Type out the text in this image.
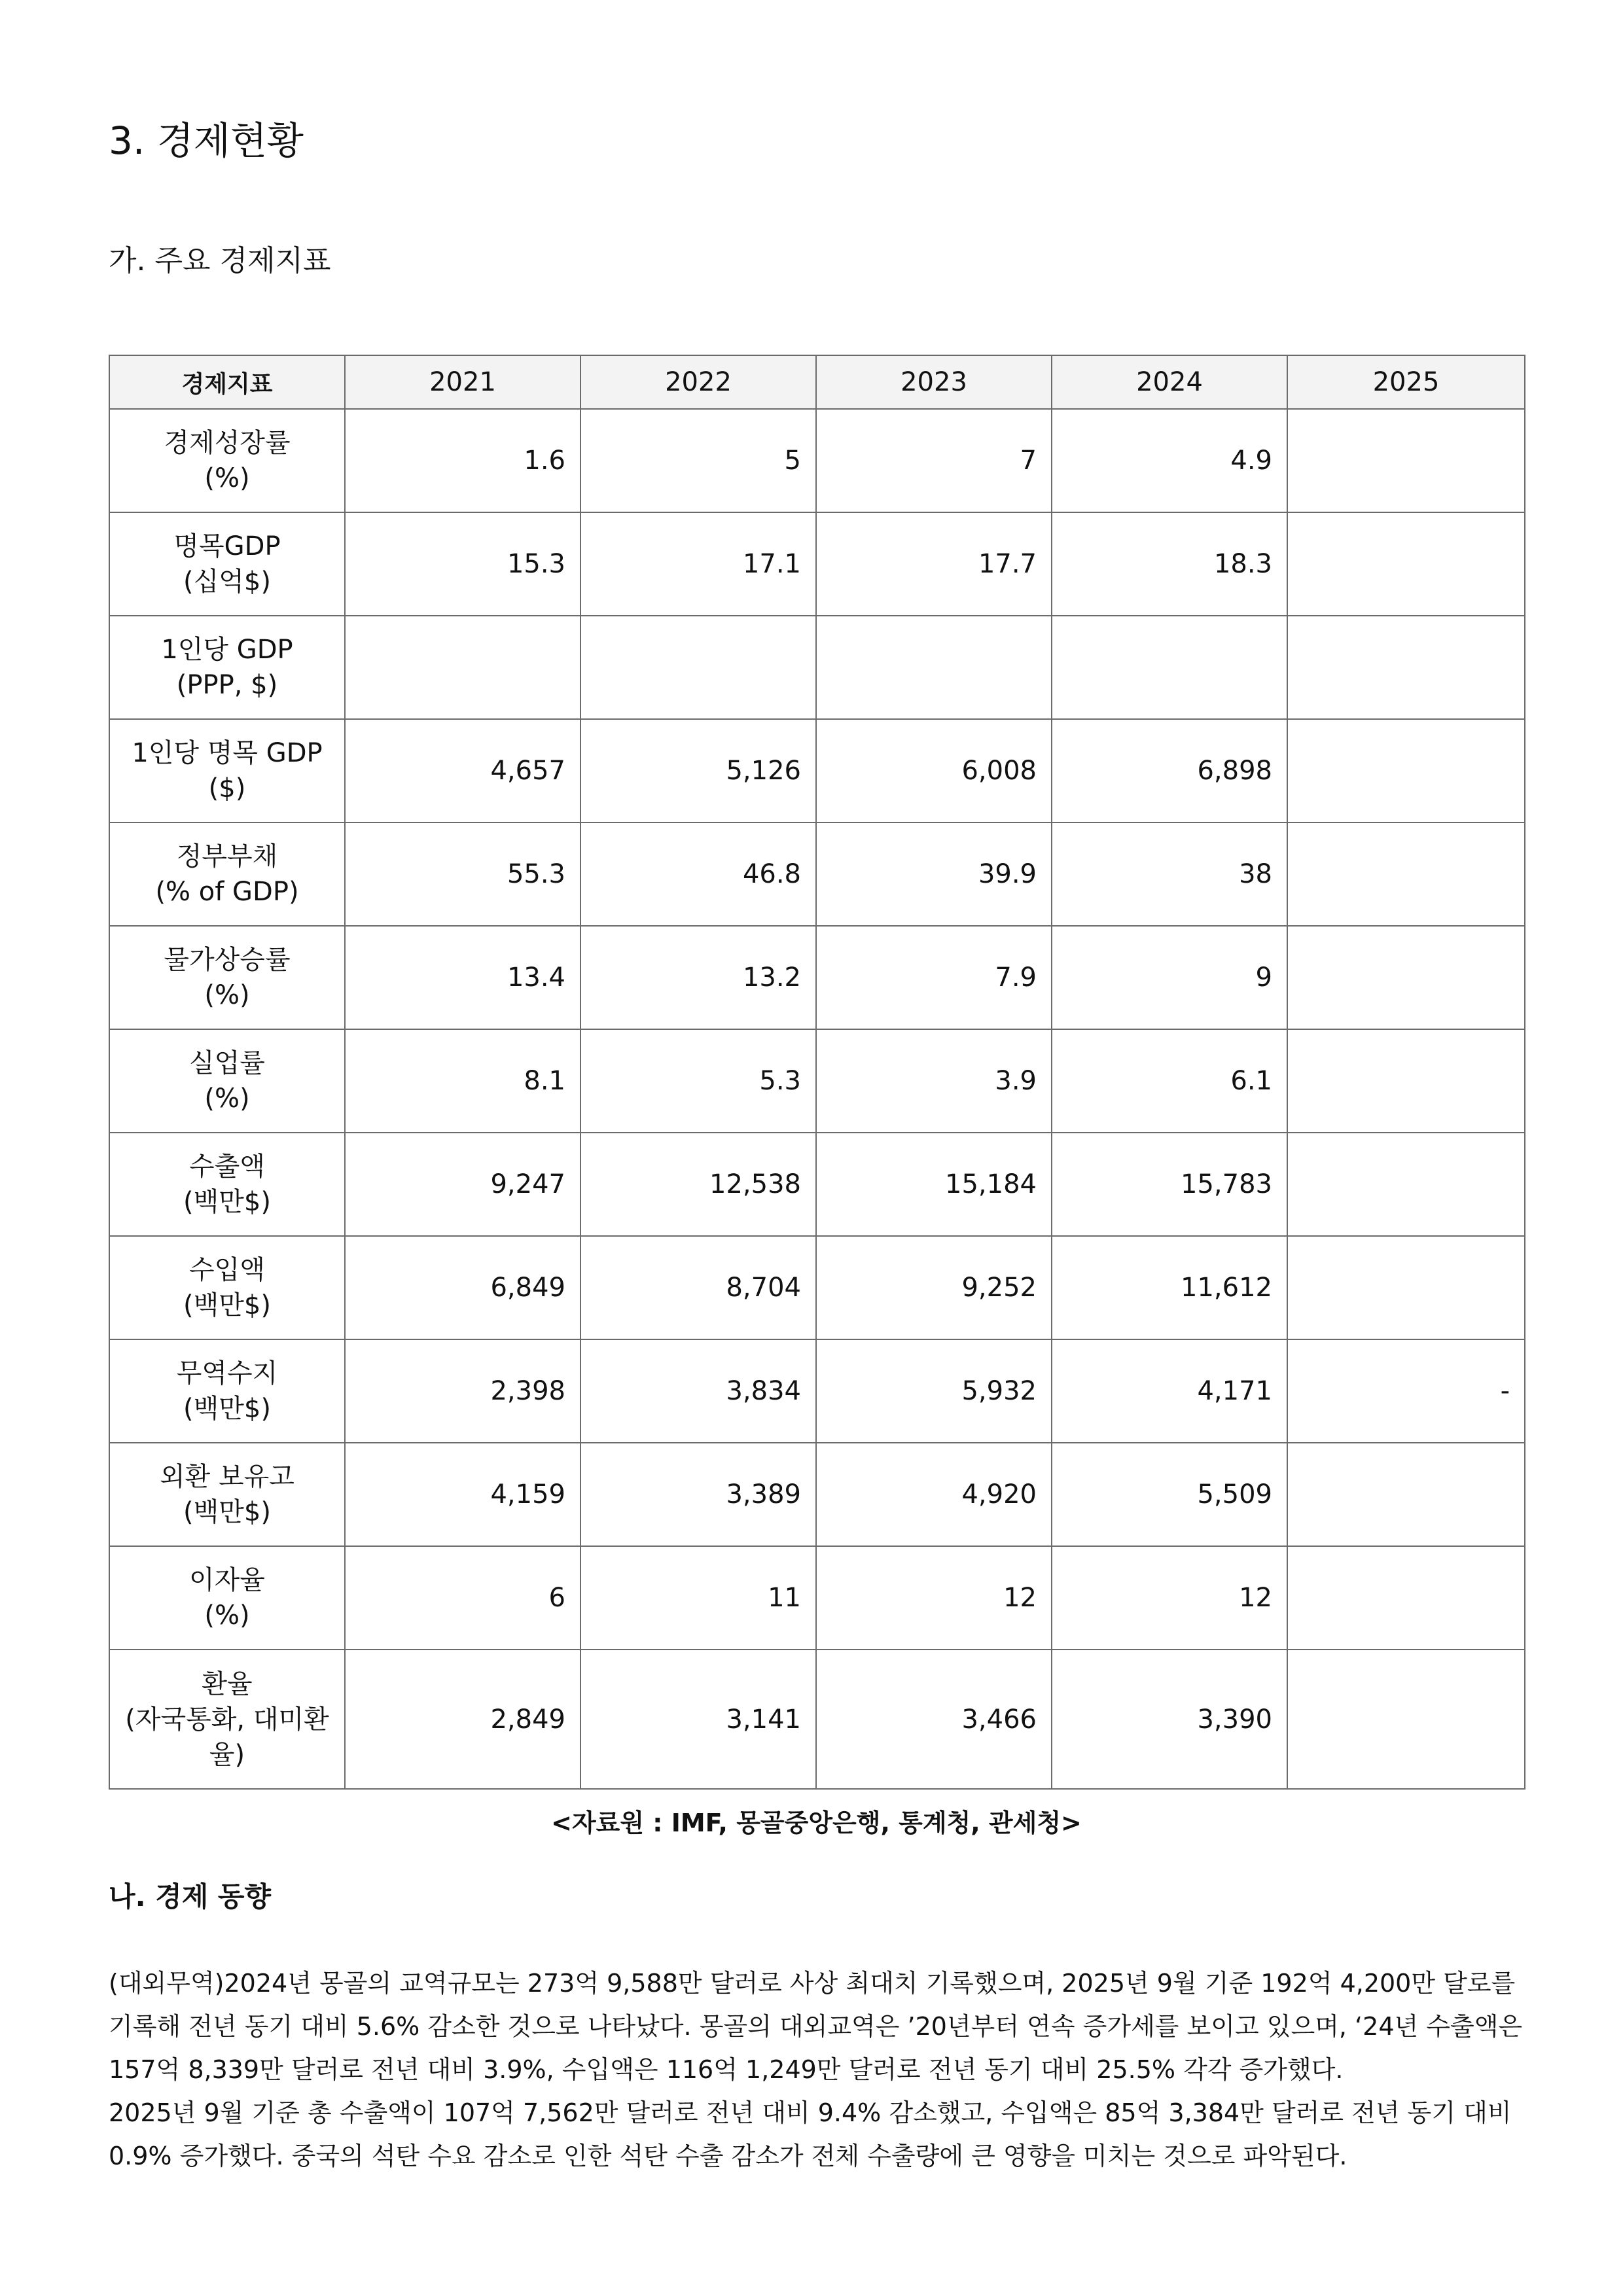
3. 경제현황
가. 주요 경제지표
경제지표	2021	2022	2023	2024	2025

경제성장률
(%)	1.6	5	7	4.9	

명목GDP
(십억$)	15.3	17.1	17.7	18.3	

1인당 GDP
(PPP, $)					

1인당 명목 GDP
($)	4,657	5,126	6,008	6,898	

정부부채
(% of GDP)	55.3	46.8	39.9	38	

물가상승률
(%)	13.4	13.2	7.9	9	

실업률
(%)	8.1	5.3	3.9	6.1	

수출액
(백만$)	9,247	12,538	15,184	15,783	

수입액
(백만$)	6,849	8,704	9,252	11,612	

무역수지
(백만$)	2,398	3,834	5,932	4,171	-

외환 보유고
(백만$)	4,159	3,389	4,920	5,509	

이자율
(%)	6	11	12	12	

환율
(자국통화, 대미환율)	2,849	3,141	3,466	3,390	
<자료원 : IMF, 몽골중앙은행, 통계청, 관세청>
나. 경제 동향

(대외무역)2024년 몽골의 교역규모는 273억 9,588만 달러로 사상 최대치 기록했으며, 2025년 9월 기준 192억 4,200만 달로를 기록해 전년 동기 대비 5.6% 감소한 것으로 나타났다. 몽골의 대외교역은 ’20년부터 연속 증가세를 보이고 있으며, ‘24년 수출액은 157억 8,339만 달러로 전년 대비 3.9%, 수입액은 116억 1,249만 달러로 전년 동기 대비 25.5% 각각 증가했다.

2025년 9월 기준 총 수출액이 107억 7,562만 달러로 전년 대비 9.4% 감소했고, 수입액은 85억 3,384만 달러로 전년 동기 대비 0.9% 증가했다. 중국의 석탄 수요 감소로 인한 석탄 수출 감소가 전체 수출량에 큰 영향을 미치는 것으로 파악된다.
